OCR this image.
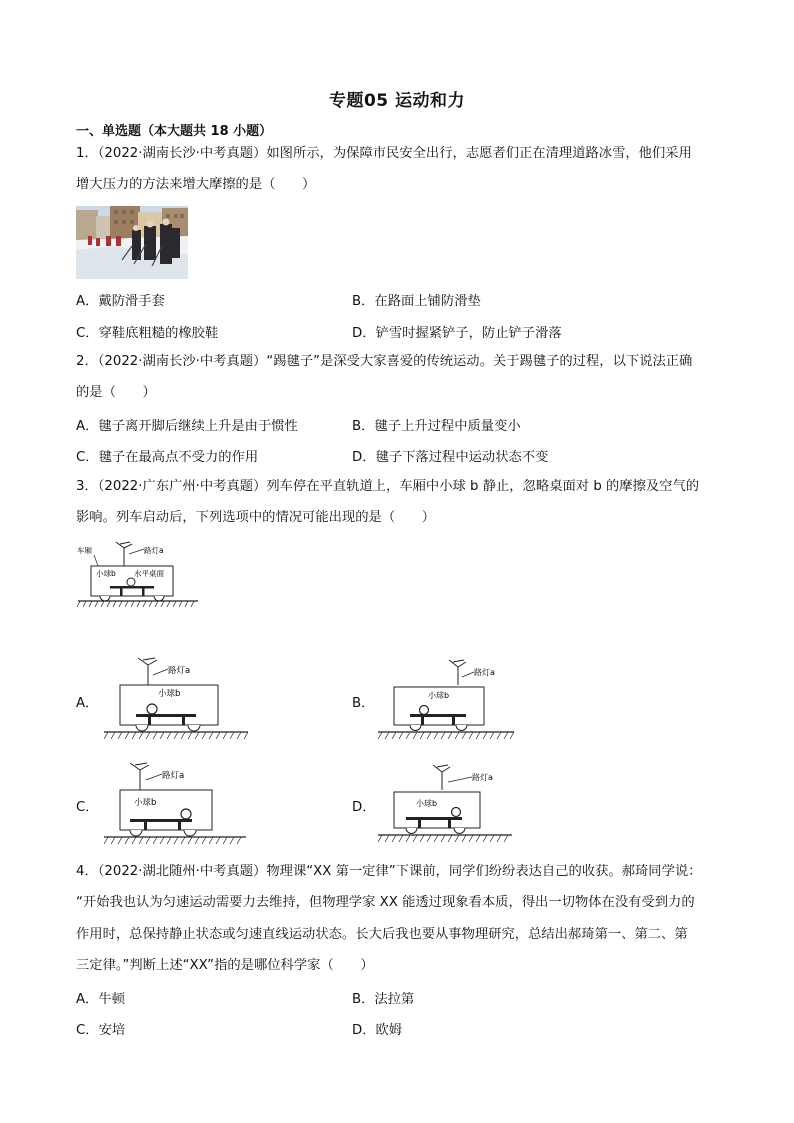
专题05 运动和力
一、单选题（本大题共 18 小题）
1．（2022·湖南长沙·中考真题）如图所示，为保障市民安全出行，志愿者们正在清理道路冰雪，他们采用
增大压力的方法来增大摩擦的是（　　）
A．戴防滑手套	B．在路面上铺防滑垫
C．穿鞋底粗糙的橡胶鞋	D．铲雪时握紧铲子，防止铲子滑落
2．（2022·湖南长沙·中考真题）“踢毽子”是深受大家喜爱的传统运动。关于踢毽子的过程，以下说法正确
的是（　　）
A．毽子离开脚后继续上升是由于惯性	B．毽子上升过程中质量变小
C．毽子在最高点不受力的作用	D．毽子下落过程中运动状态不变
3．（2022·广东广州·中考真题）列车停在平直轨道上，车厢中小球 b 静止，忽略桌面对 b 的摩擦及空气的
影响。列车启动后，下列选项中的情况可能出现的是（　　）
路灯a
车厢
小球b 水平桌面
A．
路灯a
小球b
B．
路灯a
小球b
C．
路灯a
小球b	D．
路灯a
小球b
4．（2022·湖北随州·中考真题）物理课“XX 第一定律”下课前，同学们纷纷表达自己的收获。郝琦同学说：
“开始我也认为匀速运动需要力去维持，但物理学家 XX 能透过现象看本质，得出一切物体在没有受到力的
作用时，总保持静止状态或匀速直线运动状态。长大后我也要从事物理研究，总结出郝琦第一、第二、第
三定律。”判断上述“XX”指的是哪位科学家（　　）
A．牛顿	B．法拉第
C．安培	D．欧姆
